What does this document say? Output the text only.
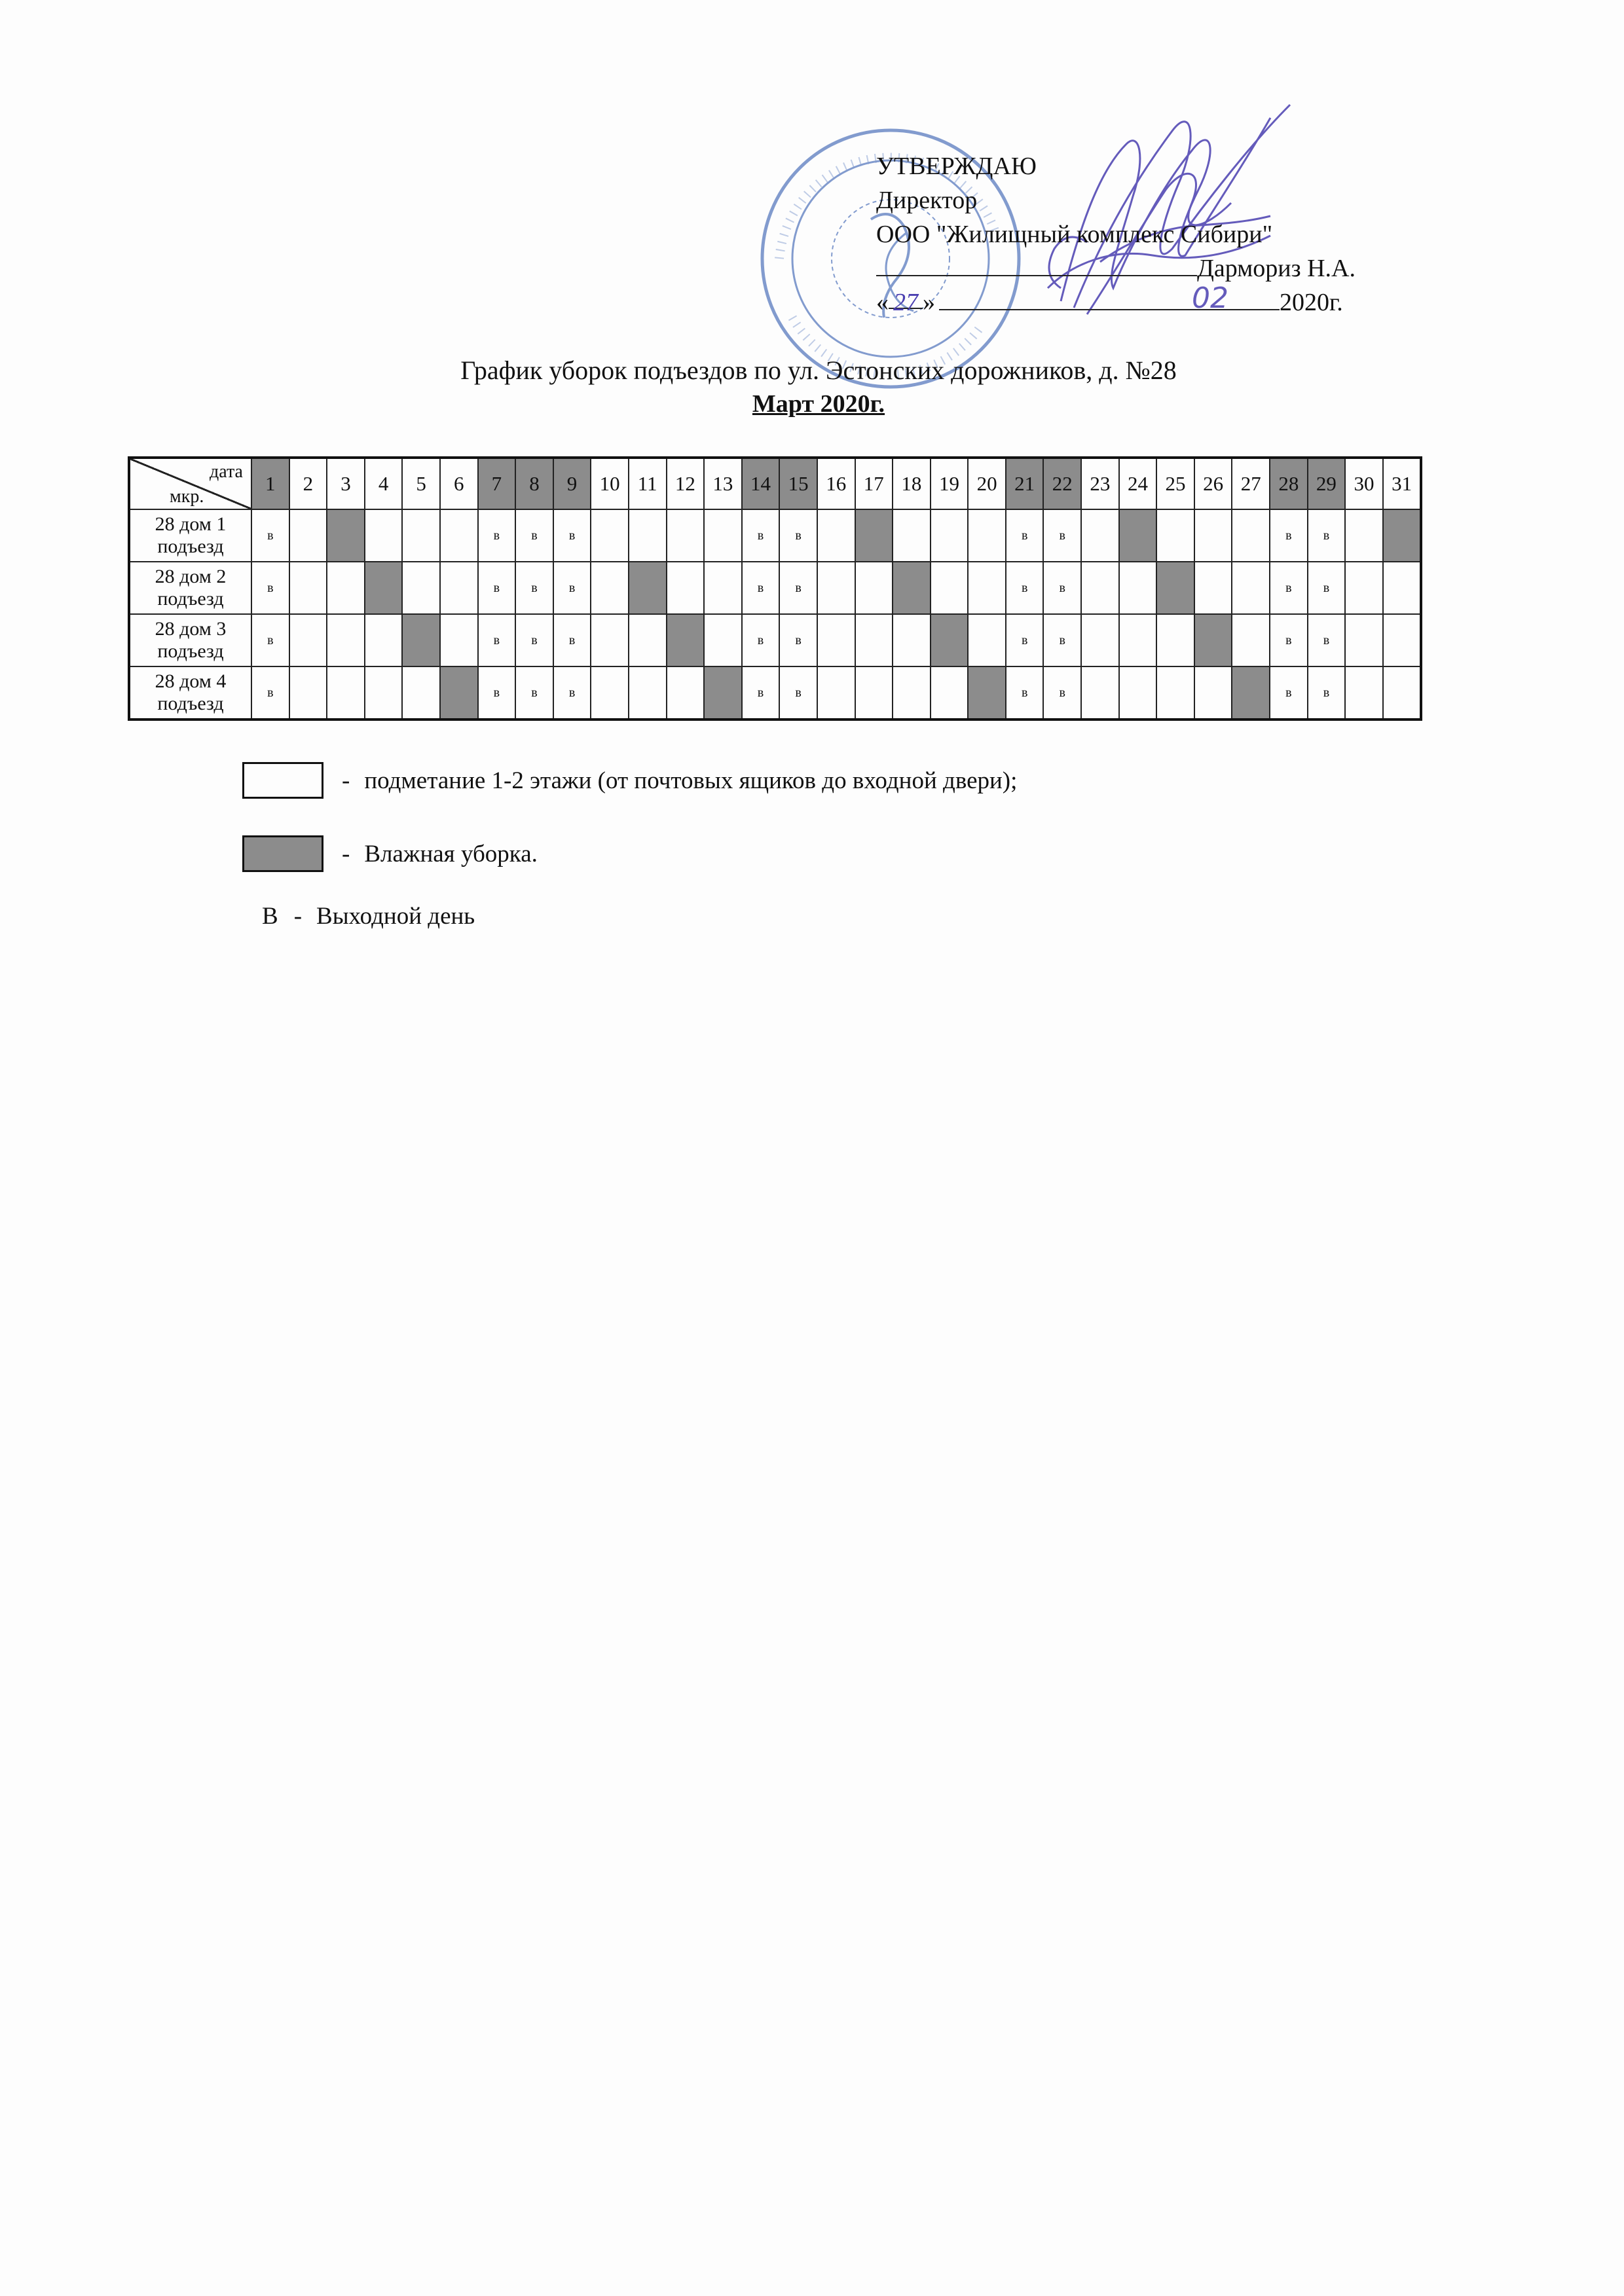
02
УТВЕРЖДАЮ
Директор
ООО "Жилищный комплекс Сибири"
Дармориз Н.А.
« 27 »	2020г.
График уборок подъездов по ул. Эстонских дорожников, д. №28
Март 2020г.
дата
мкр.	1	2	3	4	5	6	7	8	9	10	11	12	13	14	15	16	17	18	19	20	21	22	23	24	25	26	27	28	29	30	31
28 дом 1 подъезд	в						в	в	в					в	в						в	в						в	в		
28 дом 2 подъезд	в						в	в	в					в	в						в	в						в	в		
28 дом 3 подъезд	в						в	в	в					в	в						в	в						в	в		
28 дом 4 подъезд	в						в	в	в					в	в						в	в						в	в		
- подметание 1-2 этажи (от почтовых ящиков до входной двери);
- Влажная уборка.
В - Выходной день
